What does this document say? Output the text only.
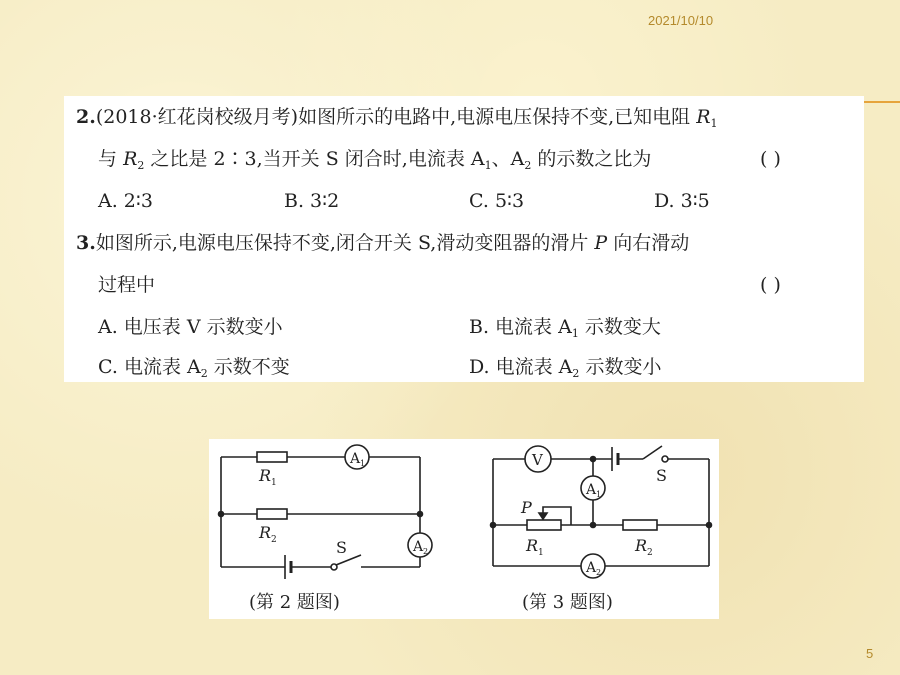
2021/10/10
2.(2018·红花岗校级月考)如图所示的电路中,电源电压保持不变,已知电阻 $R_1$
与 $R_2$ 之比是 2∶3,当开关 S 闭合时,电流表 $A_1$、$A_2$ 的示数之比为	( )
A. 2∶3	B. 3∶2	C. 5∶3	D. 3∶5
3.如图所示,电源电压保持不变,闭合开关 S,滑动变阻器的滑片 P 向右滑动
过程中	( )
A. 电压表 V 示数变小	B. 电流表 $A_1$ 示数变大
C. 电流表 $A_2$ 示数不变	D. 电流表 $A_2$ 示数变小
R 1
R 2
A 1
A 2
S
(第 2 题图)
V
A 1
A 2
S
P
R 1	R 2
(第 3 题图)
5
